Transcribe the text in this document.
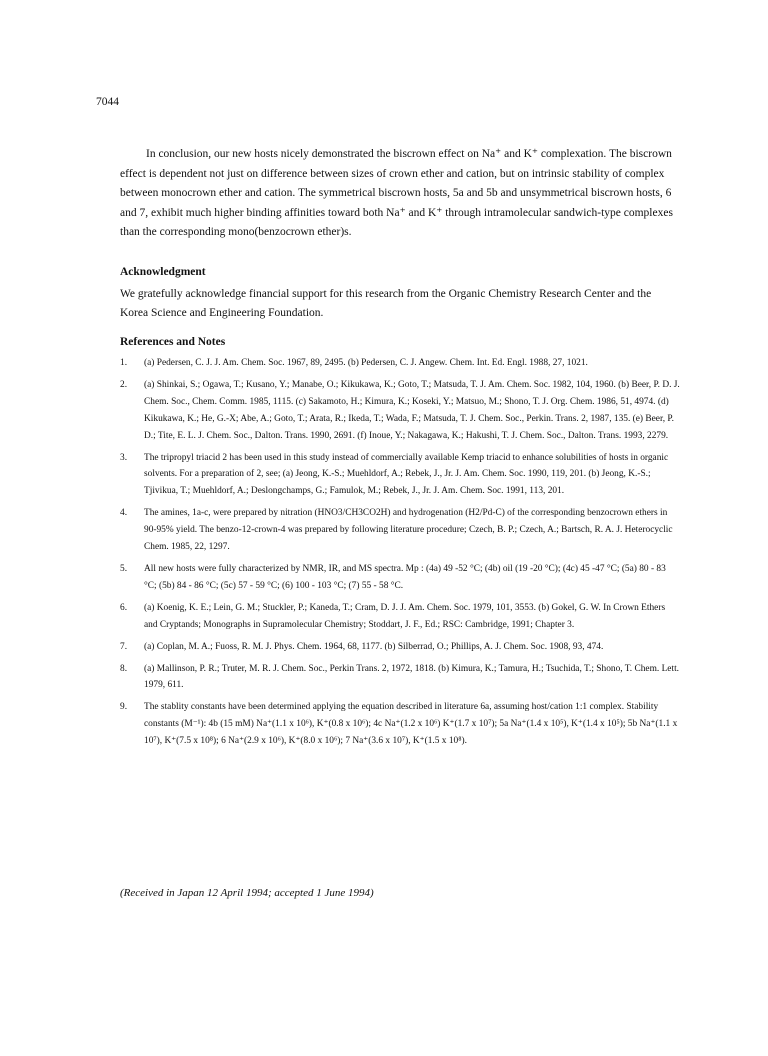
7044

In conclusion, our new hosts nicely demonstrated the biscrown effect on Na⁺ and K⁺ complexation. The biscrown effect is dependent not just on difference between sizes of crown ether and cation, but on intrinsic stability of complex between monocrown ether and cation. The symmetrical biscrown hosts, 5a and 5b and unsymmetrical biscrown hosts, 6 and 7, exhibit much higher binding affinities toward both Na⁺ and K⁺ through intramolecular sandwich-type complexes than the corresponding mono(benzocrown ether)s.

Acknowledgment

We gratefully acknowledge financial support for this research from the Organic Chemistry Research Center and the Korea Science and Engineering Foundation.

References and Notes
1. (a) Pedersen, C. J. J. Am. Chem. Soc. 1967, 89, 2495. (b) Pedersen, C. J. Angew. Chem. Int. Ed. Engl. 1988, 27, 1021.
2. (a) Shinkai, S.; Ogawa, T.; Kusano, Y.; Manabe, O.; Kikukawa, K.; Goto, T.; Matsuda, T. J. Am. Chem. Soc. 1982, 104, 1960. (b) Beer, P. D. J. Chem. Soc., Chem. Comm. 1985, 1115. (c) Sakamoto, H.; Kimura, K.; Koseki, Y.; Matsuo, M.; Shono, T. J. Org. Chem. 1986, 51, 4974. (d) Kikukawa, K.; He, G.-X; Abe, A.; Goto, T.; Arata, R.; Ikeda, T.; Wada, F.; Matsuda, T. J. Chem. Soc., Perkin. Trans. 2, 1987, 135. (e) Beer, P. D.; Tite, E. L. J. Chem. Soc., Dalton. Trans. 1990, 2691. (f) Inoue, Y.; Nakagawa, K.; Hakushi, T. J. Chem. Soc., Dalton. Trans. 1993, 2279.
3. The tripropyl triacid 2 has been used in this study instead of commercially available Kemp triacid to enhance solubilities of hosts in organic solvents. For a preparation of 2, see; (a) Jeong, K.-S.; Muehldorf, A.; Rebek, J., Jr. J. Am. Chem. Soc. 1990, 119, 201. (b) Jeong, K.-S.; Tjivikua, T.; Muehldorf, A.; Deslongchamps, G.; Famulok, M.; Rebek, J., Jr. J. Am. Chem. Soc. 1991, 113, 201.
4. The amines, 1a-c, were prepared by nitration (HNO3/CH3CO2H) and hydrogenation (H2/Pd-C) of the corresponding benzocrown ethers in 90-95% yield. The benzo-12-crown-4 was prepared by following literature procedure; Czech, B. P.; Czech, A.; Bartsch, R. A. J. Heterocyclic Chem. 1985, 22, 1297.
5. All new hosts were fully characterized by NMR, IR, and MS spectra. Mp : (4a) 49 -52 °C; (4b) oil (19 -20 °C); (4c) 45 -47 °C; (5a) 80 - 83 °C; (5b) 84 - 86 °C; (5c) 57 - 59 °C; (6) 100 - 103 °C; (7) 55 - 58 °C.
6. (a) Koenig, K. E.; Lein, G. M.; Stuckler, P.; Kaneda, T.; Cram, D. J. J. Am. Chem. Soc. 1979, 101, 3553. (b) Gokel, G. W. In Crown Ethers and Cryptands; Monographs in Supramolecular Chemistry; Stoddart, J. F., Ed.; RSC: Cambridge, 1991; Chapter 3.
7. (a) Coplan, M. A.; Fuoss, R. M. J. Phys. Chem. 1964, 68, 1177. (b) Silberrad, O.; Phillips, A. J. Chem. Soc. 1908, 93, 474.
8. (a) Mallinson, P. R.; Truter, M. R. J. Chem. Soc., Perkin Trans. 2, 1972, 1818. (b) Kimura, K.; Tamura, H.; Tsuchida, T.; Shono, T. Chem. Lett. 1979, 611.
9. The stablity constants have been determined applying the equation described in literature 6a, assuming host/cation 1:1 complex. Stability constants (M⁻¹): 4b (15 mM) Na⁺(1.1 x 10⁶), K⁺(0.8 x 10⁶); 4c Na⁺(1.2 x 10⁶) K⁺(1.7 x 10⁷); 5a Na⁺(1.4 x 10⁵), K⁺(1.4 x 10⁵); 5b Na⁺(1.1 x 10⁷), K⁺(7.5 x 10⁸); 6 Na⁺(2.9 x 10⁶), K⁺(8.0 x 10⁶); 7 Na⁺(3.6 x 10⁷), K⁺(1.5 x 10⁸).
(Received in Japan 12 April 1994; accepted 1 June 1994)
